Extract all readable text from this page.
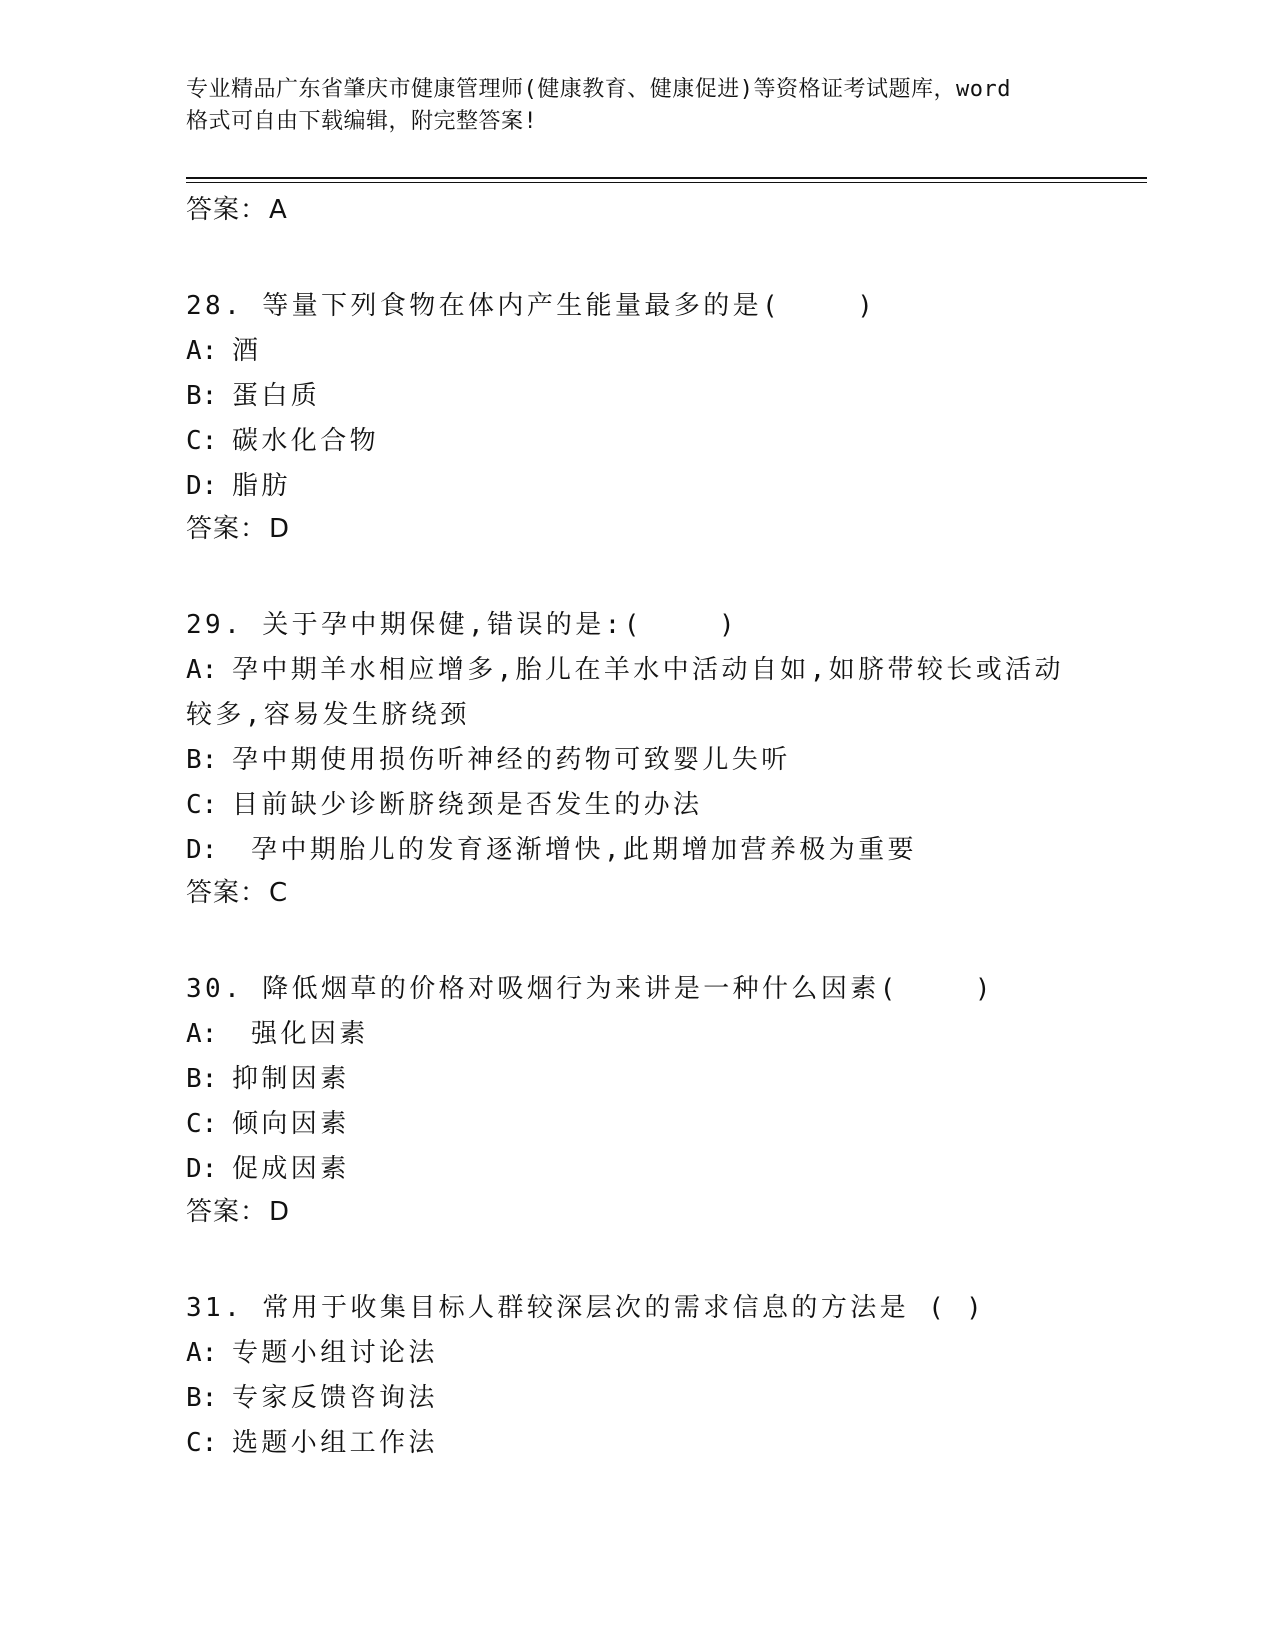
专业精品广东省肇庆市健康管理师(健康教育、健康促进)等资格证考试题库，word
格式可自由下载编辑，附完整答案!
答案：A
28. 等量下列食物在体内产生能量最多的是(    )
A: 酒
B: 蛋白质
C: 碳水化合物
D: 脂肪
答案：D
29. 关于孕中期保健,错误的是:(    )
A: 孕中期羊水相应增多,胎儿在羊水中活动自如,如脐带较长或活动较多,容易发生脐绕颈
B: 孕中期使用损伤听神经的药物可致婴儿失听
C: 目前缺少诊断脐绕颈是否发生的办法
D: 孕中期胎儿的发育逐渐增快,此期增加营养极为重要
答案：C
30. 降低烟草的价格对吸烟行为来讲是一种什么因素(    )
A: 强化因素
B: 抑制因素
C: 倾向因素
D: 促成因素
答案：D
31. 常用于收集目标人群较深层次的需求信息的方法是 ( )
A: 专题小组讨论法
B: 专家反馈咨询法
C: 选题小组工作法
